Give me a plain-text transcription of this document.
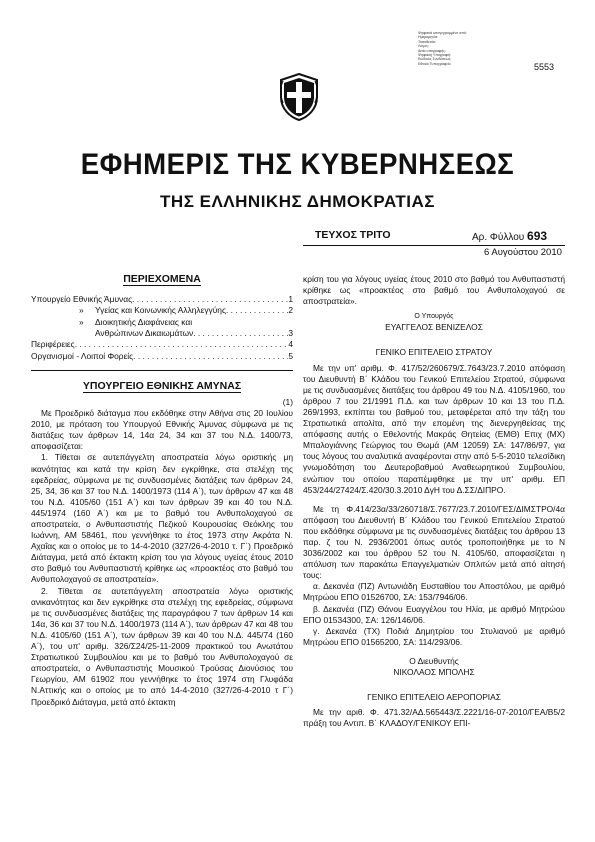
Ψηφιακά υπογεγραμμένο από:
Ημερομηνία:
Τοποθεσία:
Λόγος:
Αιτία υπογραφής:
Ψηφιακή Υπογραφή:
Κωδικός Συνδέσεως:
Εθνικό Τυπογραφείο	5553
ΕΦΗΜΕΡΙΣ ΤΗΣ ΚΥΒΕΡΝΗΣΕΩΣ
ΤΗΣ ΕΛΛΗΝΙΚΗΣ ΔΗΜΟΚΡΑΤΙΑΣ
ΤΕΥΧΟΣ ΤΡΙΤΟ	Αρ. Φύλλου 693
6 Αυγούστου 2010
ΠΕΡΙΕΧΟΜΕΝΑ
Υπουργείο Εθνικής Άμυνας . . .	1
»	Υγείας και Κοινωνικής Αλληλεγγύης . . .	2
»	Διοικητικής Διαφάνειας και
Ανθρώπινων Δικαιωμάτων . . .	3
Περιφέρειες . . .	4
Οργανισμοί - Λοιποί Φορείς . . .	5
ΥΠΟΥΡΓΕΙΟ ΕΘΝΙΚΗΣ ΑΜΥΝΑΣ
(1)

Με Προεδρικό διάταγμα που εκδόθηκε στην Αθήνα στις 20 Ιουλίου 2010, με πρόταση του Υπουργού Εθνικής Άμυνας σύμφωνα με τις διατάξεις των άρθρων 14, 14α 24, 34 και 37 του Ν.Δ. 1400/73, αποφασίζεται:

1. Τίθεται σε αυτεπάγγελτη αποστρατεία λόγω οριστικής μη ικανότητας και κατά την κρίση δεν εγκρίθηκε, στα στελέχη της εφεδρείας, σύμφωνα με τις συνδυασμένες διατάξεις των άρθρων 24, 25, 34, 36 και 37 του Ν.Δ. 1400/1973 (114 Α΄), των άρθρων 47 και 48 του Ν.Δ. 4105/60 (151 Α΄) και των άρθρων 39 και 40 του Ν.Δ. 445/1974 (160 Α΄) και με το βαθμό του Ανθυπολοχαγού σε αποστρατεία, ο Ανθυπαστιστής Πεζικού Κουρουσίας Θεόκλης του Ιωάννη, ΑΜ 58461, που γεννήθηκε το έτος 1973 στην Ακράτα Ν. Αχαΐας και ο οποίος με το 14-4-2010 (327/26-4-2010 τ. Γ΄) Προεδρικό Διάταγμα, μετά από έκτακτη κρίση του για λόγους υγείας έτους 2010 στο βαθμό του Ανθυπαστιστή κρίθηκε ως «προακτέος στο βαθμό του Ανθυπολοχαγού σε αποστρατεία».

2. Τίθεται σε αυτεπάγγελτη αποστρατεία λόγω οριστικής ανικανότητας και δεν εγκρίθηκε στα στελέχη της εφεδρείας, σύμφωνα με τις συνδυασμένες διατάξεις της παραγράφου 7 των άρθρων 14 και 14α, 36 και 37 του Ν.Δ. 1400/1973 (114 Α΄), των άρθρων 47 και 48 του Ν.Δ. 4105/60 (151 Α΄), των άρθρων 39 και 40 του Ν.Δ. 445/74 (160 Α΄), του υπ' αριθμ. 326/Σ24/25-11-2009 πρακτικού του Ανωτάτου Στρατιωτικού Συμβουλίου και με το βαθμό του Ανθυπολοχαγού σε αποστρατεία, ο Ανθυπαστιστής Μουσικού Τρούσας Διονύσιος του Γεωργίου, ΑΜ 61902 που γεννήθηκε το έτος 1974 στη Γλυφάδα Ν.Αττικής και ο οποίος με το από 14-4-2010 (327/26-4-2010 τ Γ΄) Προεδρικό Διάταγμα, μετά από έκτακτη

κρίση του για λόγους υγείας έτους 2010 στο βαθμό του Ανθυπαστιστή κρίθηκε ως «προακτέος στο βαθμό του Ανθυπολοχαγού σε αποστρατεία».

Ο Υπουργός
ΕΥΑΓΓΕΛΟΣ ΒΕΝΙΖΕΛΟΣ
ΓΕΝΙΚΟ ΕΠΙΤΕΛΕΙΟ ΣΤΡΑΤΟΥ

Με την υπ' αριθμ. Φ. 417/52/260679/Σ.7643/23.7.2010 απόφαση του Διευθυντή Β΄ Κλάδου του Γενικού Επιτελείου Στρατού, σύμφωνα με τις συνδυασμένες διατάξεις του άρθρου 49 του Ν.Δ. 4105/1960, του άρθρου 7 του 21/1991 Π.Δ. και των άρθρων 10 και 13 του Π.Δ. 269/1993, εκπίπτει του βαθμού του, μεταφέρεται από την τάξη του Στρατιωτικά απολίτα, από την επομένη της διενεργηθείσας της απόφασης αυτής ο Εθελοντής Μακράς Θητείας (ΕΜΘ) Επιχ (ΜΧ) Μπαλογιάννης Γεώργιος του Θωμά (ΑΜ 12059) ΣΑ: 147/86/97, για τους λόγους του αναλυτικά αναφέρονται στην από 5-5-2010 τελεσίδικη γνωμοδότηση του Δευτεροβαθμού Αναθεωρητικού Συμβουλίου, ενώπιον του οποίου παραπέμφθηκε με την υπ' αριθμ. ΕΠ 453/244/27424/Σ.420/30.3.2010 ΔγΗ του Δ.ΣΣ/ΔΙΠΡΟ.

Με τη Φ.414/23α/33/260718/Σ.7677/23.7.2010/ΓΕΣ/ΔΙΜΣΤΡΟ/4α απόφαση του Διευθυντή Β΄ Κλάδου του Γενικού Επιτελείου Στρατού που εκδόθηκε σύμφωνα με τις συνδυασμένες διατάξεις του άρθρου 13 παρ. ζ του Ν. 2936/2001 όπως αυτός τροποποιήθηκε με το Ν 3036/2002 και του άρθρου 52 του Ν. 4105/60, αποφασίζεται η απόλυση των παρακάτω Επαγγελματιών Οπλιτών μετά από αίτησή τους:

α. Δεκανέα (ΠΖ) Αντωνιάδη Ευσταθίου του Αποστόλου, με αριθμό Μητρώου ΕΠΟ 01526700, ΣΑ: 153/7946/06.

β. Δεκανέα (ΠΖ) Θάνου Ευαγγέλου του Ηλία, με αριθμό Μητρώου ΕΠΟ 01534300, ΣΑ: 126/146/06.

γ. Δεκανέα (ΤΧ) Ποδιά Δημητρίου του Στυλιανού με αριθμό Μητρώου ΕΠΟ 01565200, ΣΑ: 114/293/06.

Ο Διευθυντής
ΝΙΚΟΛΑΟΣ ΜΠΟΛΗΣ
ΓΕΝΙΚΟ ΕΠΙΤΕΛΕΙΟ ΑΕΡΟΠΟΡΙΑΣ

Με την αριθ. Φ. 471.32/ΑΔ.565443/Σ.2221/16-07-2010/ΓΕΑ/Β5/2 πράξη του Αντιπ. Β΄ ΚΛΑΔΟΥ/ΓΕΝΙΚΟΥ ΕΠΙ-
